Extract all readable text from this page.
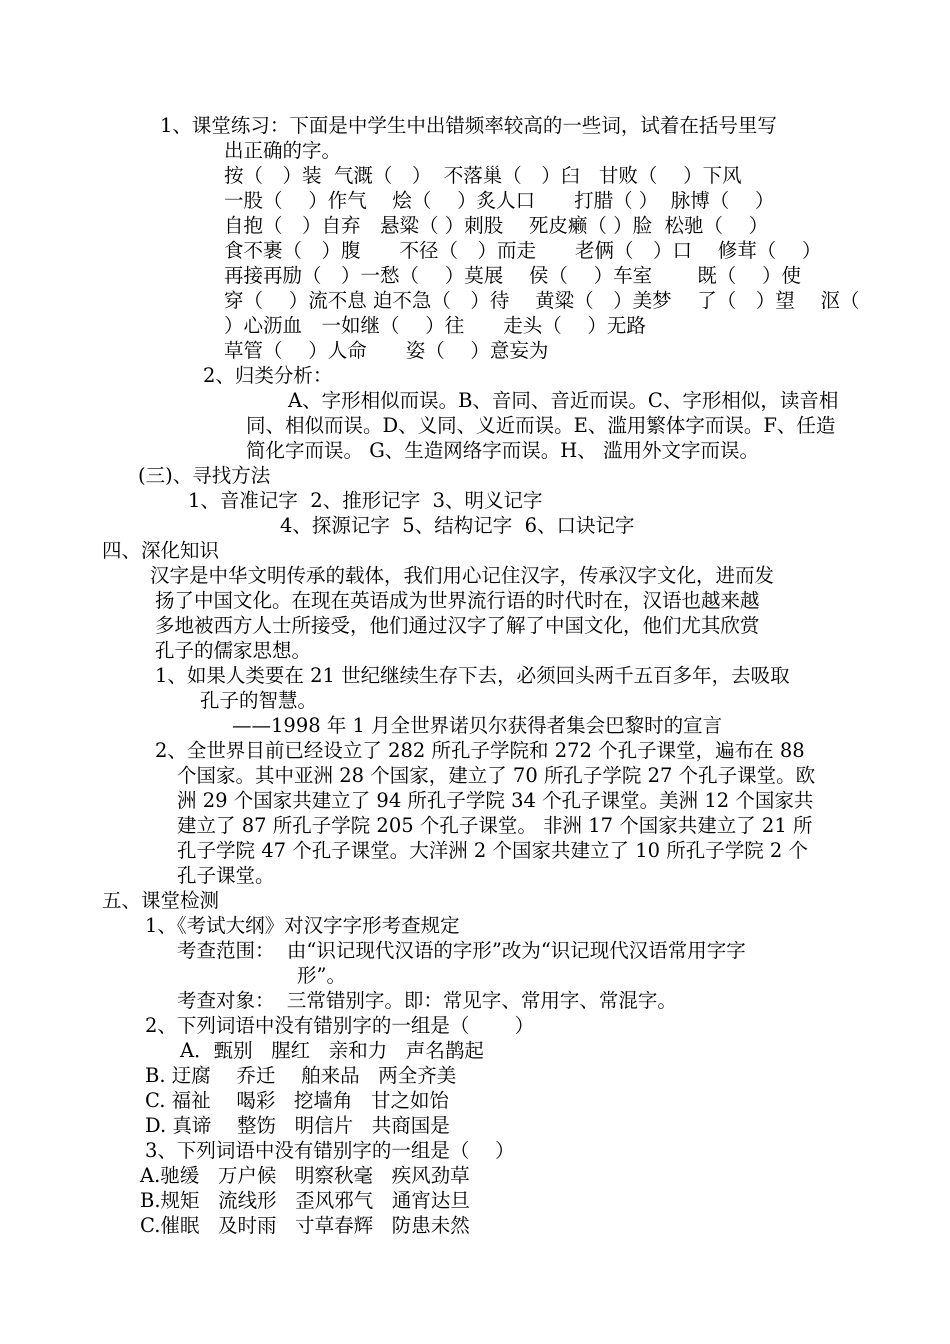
1、课堂练习：下面是中学生中出错频率较高的一些词，试着在括号里写
出正确的字。
按（　）装  气溉（　）  不落巢（　）臼   甘败（　 ）下风
一股（　 ）作气　 烩（　 ）炙人口　　打腊（ ）  脉博（　 ）
自抱（　）自弃　悬粱（ ）刺股　 死皮癞（ ）脸  松驰（　 ）
食不裹（　）腹　　不径（　）而走　　老俩（　）口　 修茸（　 ）
再接再励（　）一愁（　 ）莫展　 侯（　 ）车室　　 既（　 ）使
穿（　 ）流不息 迫不急（　）待　 黄粱（　）美梦　 了（　）望　 沤（
）心沥血　一如继（　 ）往　　走头（　 ）无路
草管（　 ）人命　　姿（　 ）意妄为
2、归类分析：
A、字形相似而误。B、音同、音近而误。C、字形相似，读音相
同、相似而误。D、义同、义近而误。E、滥用繁体字而误。F、任造
简化字而误。 G、生造网络字而误。H、 滥用外文字而误。
(三)、寻找方法
1、音准记字  2、推形记字  3、明义记字
4、探源记字  5、结构记字  6、口诀记字
四、深化知识
汉字是中华文明传承的载体，我们用心记住汉字，传承汉字文化，进而发
扬了中国文化。在现在英语成为世界流行语的时代时在，汉语也越来越
多地被西方人士所接受，他们通过汉字了解了中国文化，他们尤其欣赏
孔子的儒家思想。
1、如果人类要在 21 世纪继续生存下去，必须回头两千五百多年，去吸取
孔子的智慧。
——1998 年 1 月全世界诺贝尔获得者集会巴黎时的宣言
2、全世界目前已经设立了 282 所孔子学院和 272 个孔子课堂，遍布在 88
个国家。其中亚洲 28 个国家，建立了 70 所孔子学院 27 个孔子课堂。欧
洲 29 个国家共建立了 94 所孔子学院 34 个孔子课堂。美洲 12 个国家共
建立了 87 所孔子学院 205 个孔子课堂。 非洲 17 个国家共建立了 21 所
孔子学院 47 个孔子课堂。大洋洲 2 个国家共建立了 10 所孔子学院 2 个
孔子课堂。
五、课堂检测
1、《考试大纲》对汉字字形考查规定
考查范围：  由“识记现代汉语的字形”改为“识记现代汉语常用字字
形”。
考查对象：  三常错别字。即：常见字、常用字、常混字。
2、下列词语中没有错别字的一组是（　　 ）
A．甄别   腥红   亲和力   声名鹊起
B. 迂腐　 乔迁　 舶来品   两全齐美
C. 福祉　 喝彩   挖墙角   甘之如饴
D. 真谛　 整饬   明信片   共商国是
3、下列词语中没有错别字的一组是（　 ）
A.驰缓   万户候   明察秋毫   疾风劲草
B.规矩   流线形   歪风邪气   通宵达旦
C.催眠   及时雨   寸草春辉   防患未然
